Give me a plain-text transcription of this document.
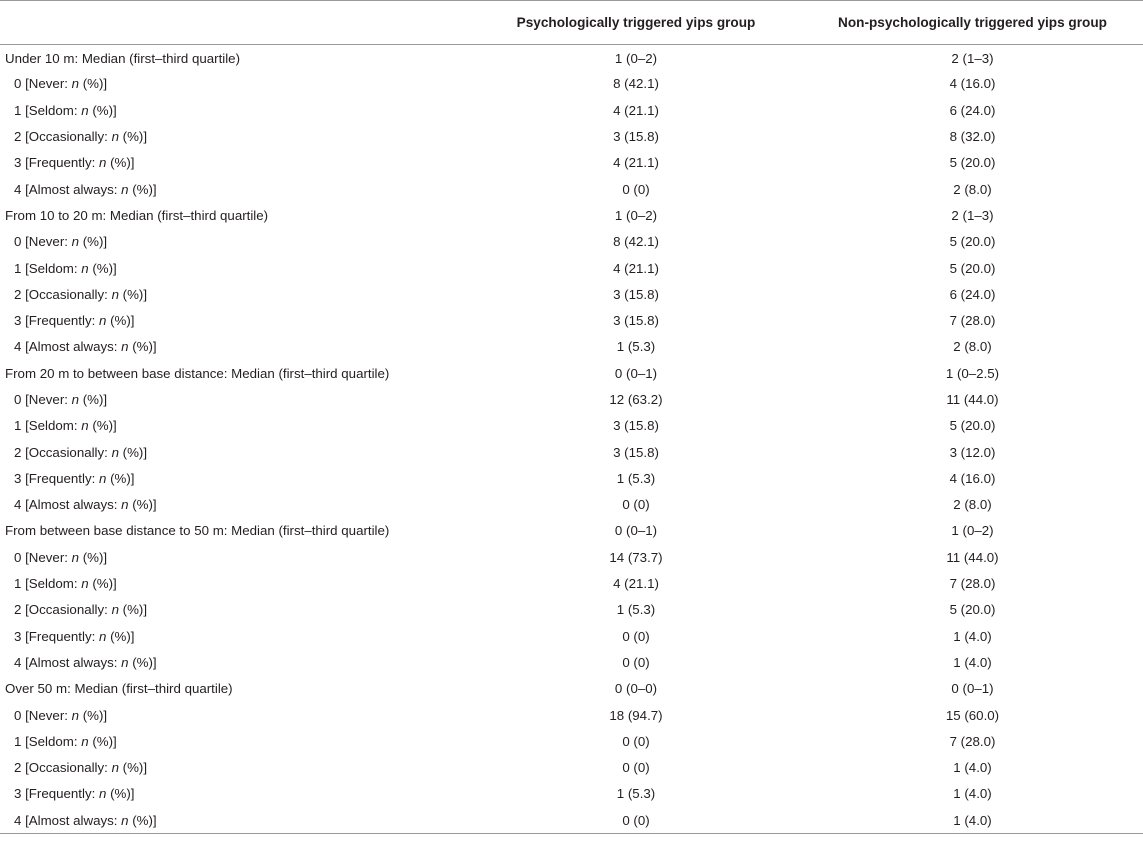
	Psychologically triggered yips group	Non-psychologically triggered yips group
Under 10 m: Median (first–third quartile)	1 (0–2)	2 (1–3)
0 [Never: n (%)]	8 (42.1)	4 (16.0)
1 [Seldom: n (%)]	4 (21.1)	6 (24.0)
2 [Occasionally: n (%)]	3 (15.8)	8 (32.0)
3 [Frequently: n (%)]	4 (21.1)	5 (20.0)
4 [Almost always: n (%)]	0 (0)	2 (8.0)
From 10 to 20 m: Median (first–third quartile)	1 (0–2)	2 (1–3)
0 [Never: n (%)]	8 (42.1)	5 (20.0)
1 [Seldom: n (%)]	4 (21.1)	5 (20.0)
2 [Occasionally: n (%)]	3 (15.8)	6 (24.0)
3 [Frequently: n (%)]	3 (15.8)	7 (28.0)
4 [Almost always: n (%)]	1 (5.3)	2 (8.0)
From 20 m to between base distance: Median (first–third quartile)	0 (0–1)	1 (0–2.5)
0 [Never: n (%)]	12 (63.2)	11 (44.0)
1 [Seldom: n (%)]	3 (15.8)	5 (20.0)
2 [Occasionally: n (%)]	3 (15.8)	3 (12.0)
3 [Frequently: n (%)]	1 (5.3)	4 (16.0)
4 [Almost always: n (%)]	0 (0)	2 (8.0)
From between base distance to 50 m: Median (first–third quartile)	0 (0–1)	1 (0–2)
0 [Never: n (%)]	14 (73.7)	11 (44.0)
1 [Seldom: n (%)]	4 (21.1)	7 (28.0)
2 [Occasionally: n (%)]	1 (5.3)	5 (20.0)
3 [Frequently: n (%)]	0 (0)	1 (4.0)
4 [Almost always: n (%)]	0 (0)	1 (4.0)
Over 50 m: Median (first–third quartile)	0 (0–0)	0 (0–1)
0 [Never: n (%)]	18 (94.7)	15 (60.0)
1 [Seldom: n (%)]	0 (0)	7 (28.0)
2 [Occasionally: n (%)]	0 (0)	1 (4.0)
3 [Frequently: n (%)]	1 (5.3)	1 (4.0)
4 [Almost always: n (%)]	0 (0)	1 (4.0)
